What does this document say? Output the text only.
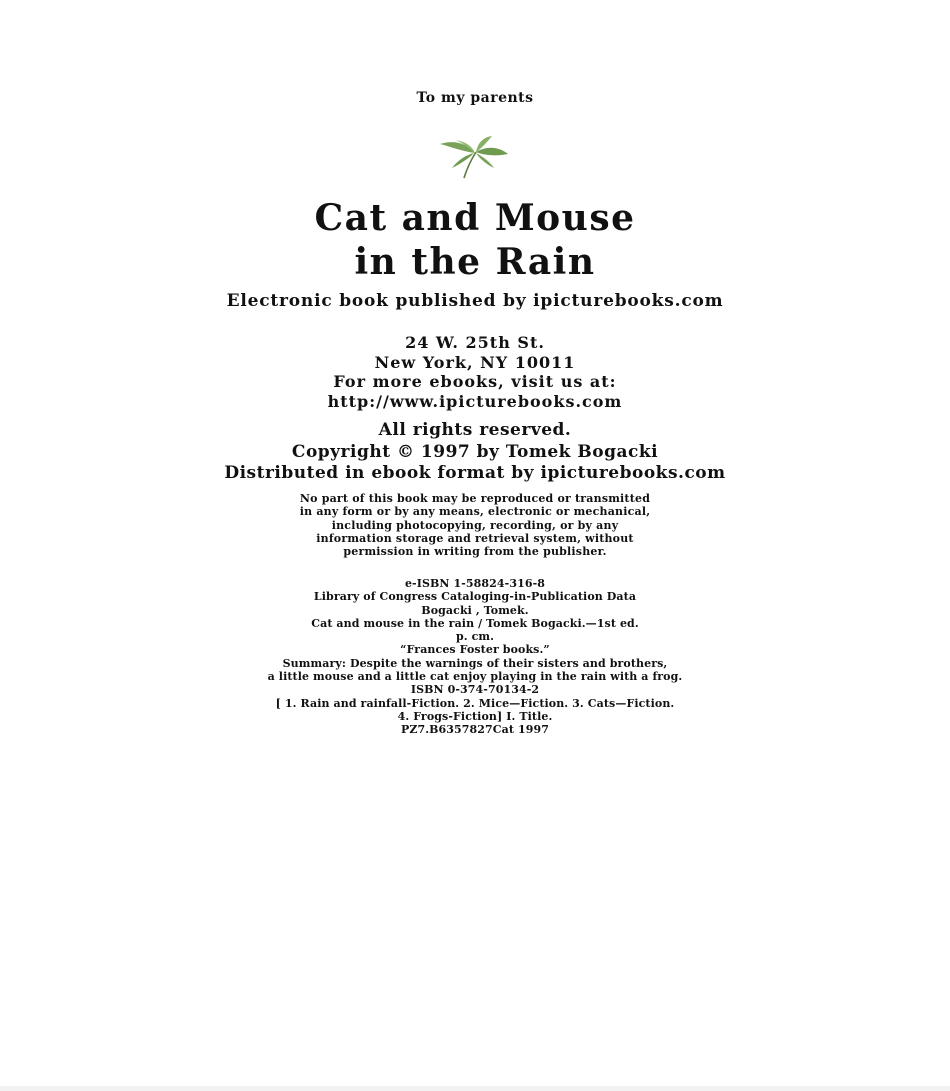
To my parents
Cat and Mouse
in the Rain
Electronic book published by ipicturebooks.com
24 W. 25th St.
New York, NY 10011
For more ebooks, visit us at:
http://www.ipicturebooks.com
All rights reserved.
Copyright © 1997 by Tomek Bogacki
Distributed in ebook format by ipicturebooks.com
No part of this book may be reproduced or transmitted
in any form or by any means, electronic or mechanical,
including photocopying, recording, or by any
information storage and retrieval system, without
permission in writing from the publisher.
e-ISBN 1-58824-316-8
Library of Congress Cataloging-in-Publication Data
Bogacki , Tomek.
Cat and mouse in the rain / Tomek Bogacki.—1st ed.
p. cm.
“Frances Foster books.”
Summary: Despite the warnings of their sisters and brothers,
a little mouse and a little cat enjoy playing in the rain with a frog.
ISBN 0-374-70134-2
[ 1. Rain and rainfall-Fiction. 2. Mice—Fiction. 3. Cats—Fiction.
4. Frogs-Fiction] I. Title.
PZ7.B6357827Cat 1997
